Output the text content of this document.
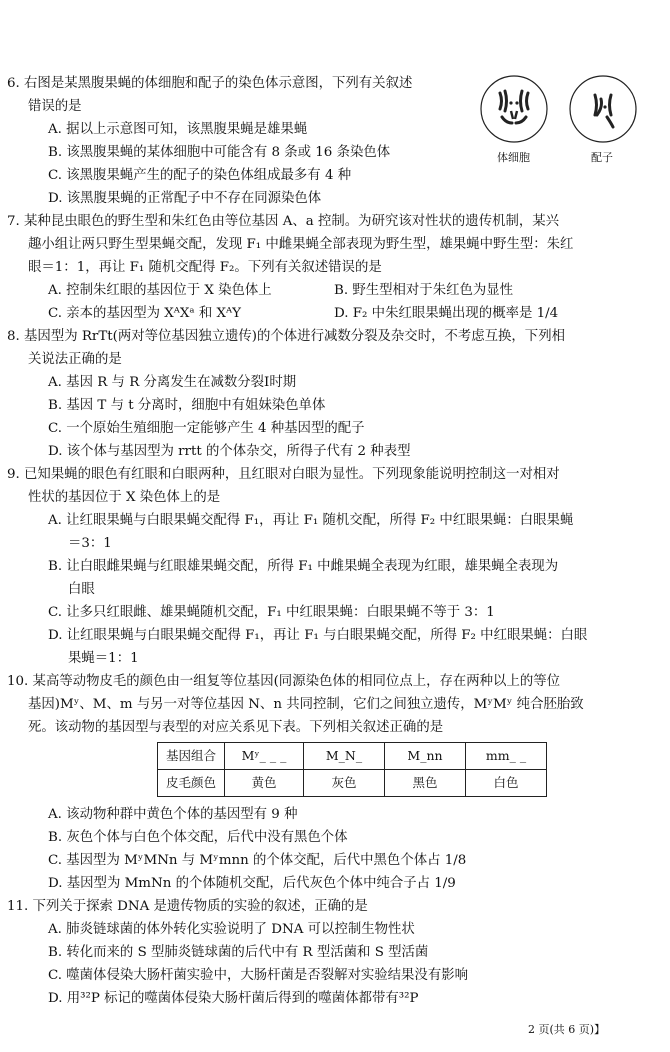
6. 右图是某黑腹果蝇的体细胞和配子的染色体示意图，下列有关叙述
错误的是
A. 据以上示意图可知，该黑腹果蝇是雄果蝇
B. 该黑腹果蝇的某体细胞中可能含有 8 条或 16 条染色体
C. 该黑腹果蝇产生的配子的染色体组成最多有 4 种
D. 该黑腹果蝇的正常配子中不存在同源染色体
体细胞	配子
7. 某种昆虫眼色的野生型和朱红色由等位基因 A、a 控制。为研究该对性状的遗传机制，某兴
趣小组让两只野生型果蝇交配，发现 F₁ 中雌果蝇全部表现为野生型，雄果蝇中野生型：朱红
眼＝1：1，再让 F₁ 随机交配得 F₂。下列有关叙述错误的是
A. 控制朱红眼的基因位于 X 染色体上	B. 野生型相对于朱红色为显性
C. 亲本的基因型为 XᴬXᵃ 和 XᴬY	D. F₂ 中朱红眼果蝇出现的概率是 1/4
8. 基因型为 RrTt(两对等位基因独立遗传)的个体进行减数分裂及杂交时，不考虑互换，下列相
关说法正确的是
A. 基因 R 与 R 分离发生在减数分裂Ⅰ时期
B. 基因 T 与 t 分离时，细胞中有姐妹染色单体
C. 一个原始生殖细胞一定能够产生 4 种基因型的配子
D. 该个体与基因型为 rrtt 的个体杂交，所得子代有 2 种表型
9. 已知果蝇的眼色有红眼和白眼两种，且红眼对白眼为显性。下列现象能说明控制这一对相对
性状的基因位于 X 染色体上的是
A. 让红眼果蝇与白眼果蝇交配得 F₁，再让 F₁ 随机交配，所得 F₂ 中红眼果蝇：白眼果蝇
＝3：1
B. 让白眼雌果蝇与红眼雄果蝇交配，所得 F₁ 中雌果蝇全表现为红眼，雄果蝇全表现为
白眼
C. 让多只红眼雌、雄果蝇随机交配，F₁ 中红眼果蝇：白眼果蝇不等于 3：1
D. 让红眼果蝇与白眼果蝇交配得 F₁，再让 F₁ 与白眼果蝇交配，所得 F₂ 中红眼果蝇：白眼
果蝇＝1：1
10. 某高等动物皮毛的颜色由一组复等位基因(同源染色体的相同位点上，存在两种以上的等位
基因)Mʸ、M、m 与另一对等位基因 N、n 共同控制，它们之间独立遗传，MʸMʸ 纯合胚胎致
死。该动物的基因型与表型的对应关系见下表。下列相关叙述正确的是
基因组合	Mʸ_ _ _	M_N_	M_nn	mm_ _
皮毛颜色	黄色	灰色	黑色	白色
A. 该动物种群中黄色个体的基因型有 9 种
B. 灰色个体与白色个体交配，后代中没有黑色个体
C. 基因型为 MʸMNn 与 Mʸmnn 的个体交配，后代中黑色个体占 1/8
D. 基因型为 MmNn 的个体随机交配，后代灰色个体中纯合子占 1/9
11. 下列关于探索 DNA 是遗传物质的实验的叙述，正确的是
A. 肺炎链球菌的体外转化实验说明了 DNA 可以控制生物性状
B. 转化而来的 S 型肺炎链球菌的后代中有 R 型活菌和 S 型活菌
C. 噬菌体侵染大肠杆菌实验中，大肠杆菌是否裂解对实验结果没有影响
D. 用³²P 标记的噬菌体侵染大肠杆菌后得到的噬菌体都带有³²P
2 页(共 6 页)】
